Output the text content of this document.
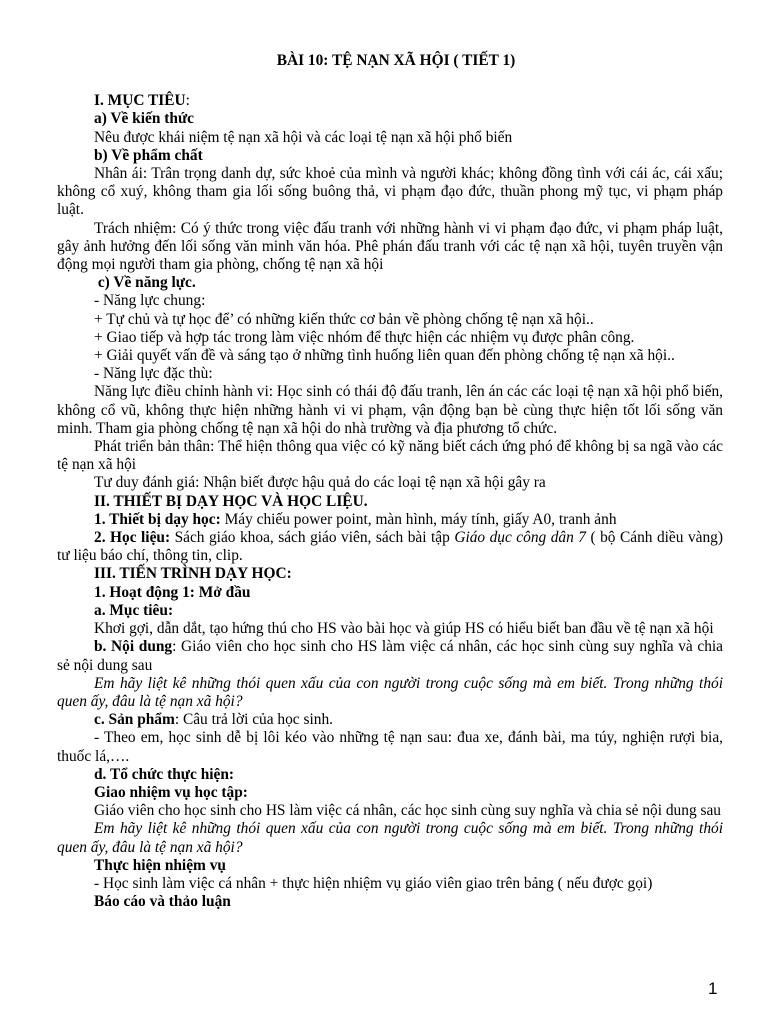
BÀI 10: TỆ NẠN XÃ HỘI ( TIẾT 1)

I. MỤC TIÊU:

a) Về kiến thức

Nêu được khái niệm tệ nạn xã hội và các loại tệ nạn xã hội phổ biến

b) Về phẩm chất

Nhân ái: Trân trọng danh dự, sức khoẻ của mình và người khác; không đồng tình với cái ác, cái xấu; không cổ xuý, không tham gia lối sống buông thả, vi phạm đạo đức, thuần phong mỹ tục, vi phạm pháp luật.

Trách nhiệm: Có ý thức trong việc đấu tranh với những hành vi vi phạm đạo đức, vi phạm pháp luật, gây ảnh hưởng đến lối sống văn minh văn hóa. Phê phán đấu tranh với các tệ nạn xã hội, tuyên truyền vận động mọi người tham gia phòng, chống tệ nạn xã hội

c) Về năng lực.

- Năng lực chung:

+ Tự chủ và tự học để’ có những kiến thức cơ bản về phòng chống tệ nạn xã hội..

+ Giao tiếp và hợp tác trong làm việc nhóm để thực hiện các nhiệm vụ được phân công.

+ Giải quyết vấn đề và sáng tạo ở những tình huống liên quan đến phòng chống tệ nạn xã hội..

- Năng lực đặc thù:

Năng lực điều chỉnh hành vi: Học sinh có thái độ đấu tranh, lên án các các loại tệ nạn xã hội phổ biến, không cổ vũ, không thực hiện những hành vi vi phạm, vận động bạn bè cùng thực hiện tốt lối sống văn minh. Tham gia phòng chống tệ nạn xã hội do nhà trường và địa phương tổ chức.

Phát triển bản thân: Thể hiện thông qua việc có kỹ năng biết cách ứng phó để không bị sa ngã vào các tệ nạn xã hội

Tư duy đánh giá: Nhận biết được hậu quả do các loại tệ nạn xã hội gây ra

II. THIẾT BỊ DẠY HỌC VÀ HỌC LIỆU.

1. Thiết bị dạy học: Máy chiếu power point, màn hình, máy tính, giấy A0, tranh ảnh

2. Học liệu: Sách giáo khoa, sách giáo viên, sách bài tập Giáo dục công dân 7 ( bộ Cánh diều vàng) tư liệu báo chí, thông tin, clip.

III. TIẾN TRÌNH DẠY HỌC:

1. Hoạt động 1: Mở đầu

a. Mục tiêu:

Khơi gợi, dẫn dắt, tạo hứng thú cho HS vào bài học và giúp HS có hiểu biết ban đầu về tệ nạn xã hội

b. Nội dung: Giáo viên cho học sinh cho HS làm việc cá nhân, các học sinh cùng suy nghĩa và chia sẻ nội dung sau

Em hãy liệt kê những thói quen xấu của con người trong cuộc sống mà em biết. Trong những thói quen ấy, đâu là tệ nạn xã hội?

c. Sản phẩm: Câu trả lời của học sinh.

- Theo em, học sinh dễ bị lôi kéo vào những tệ nạn sau: đua xe, đánh bài, ma túy, nghiện rượi bia, thuốc lá,….

d. Tổ chức thực hiện:

Giao nhiệm vụ học tập:

Giáo viên cho học sinh cho HS làm việc cá nhân, các học sinh cùng suy nghĩa và chia sẻ nội dung sau

Em hãy liệt kê những thói quen xấu của con người trong cuộc sống mà em biết. Trong những thói quen ấy, đâu là tệ nạn xã hội?

Thực hiện nhiệm vụ

- Học sinh làm việc cá nhân + thực hiện nhiệm vụ giáo viên giao trên bảng ( nếu được gọi)

Báo cáo và thảo luận

1
